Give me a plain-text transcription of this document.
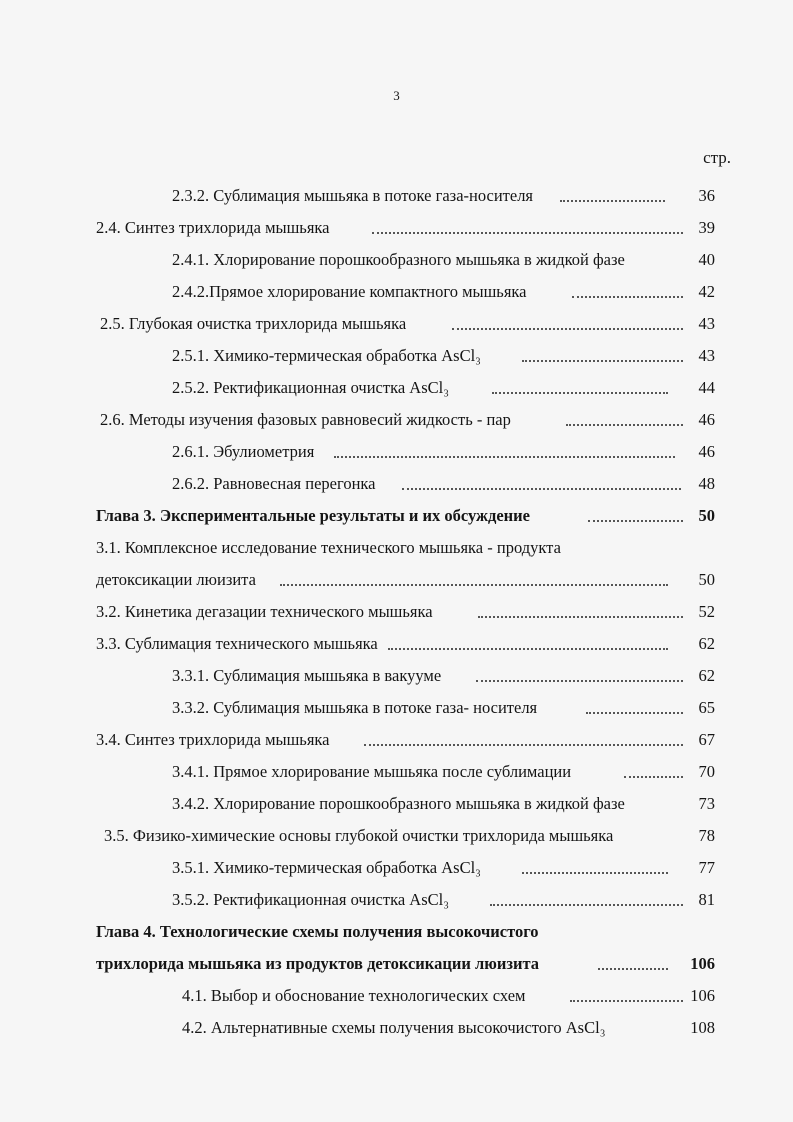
3
стр.
2.3.2. Сублимация мышьяка в потоке газа-носителя	36
2.4. Синтез трихлорида мышьяка	39
2.4.1. Хлорирование порошкообразного мышьяка в жидкой фазе	40
2.4.2.Прямое хлорирование компактного мышьяка	42
2.5. Глубокая очистка трихлорида мышьяка	43
2.5.1. Химико-термическая обработка AsCl₃	43
2.5.2. Ректификационная очистка AsCl₃	44
2.6. Методы изучения фазовых равновесий жидкость - пар	46
2.6.1. Эбулиометрия	46
2.6.2. Равновесная перегонка	48
Глава 3. Экспериментальные результаты и их обсуждение	50
3.1. Комплексное исследование технического мышьяка - продукта
детоксикации люизита	50
3.2. Кинетика дегазации технического мышьяка	52
3.3. Сублимация технического мышьяка	62
3.3.1. Сублимация мышьяка в вакууме	62
3.3.2. Сублимация мышьяка в потоке газа- носителя	65
3.4. Синтез трихлорида мышьяка	67
3.4.1. Прямое хлорирование мышьяка после сублимации	70
3.4.2. Хлорирование порошкообразного мышьяка в жидкой фазе	73
3.5. Физико-химические основы глубокой очистки трихлорида мышьяка	78
3.5.1. Химико-термическая обработка AsCl₃	77
3.5.2. Ректификационная очистка AsCl₃	81
Глава 4. Технологические схемы получения высокочистого
трихлорида мышьяка из продуктов детоксикации люизита	106
4.1. Выбор и обоснование технологических схем	106
4.2. Альтернативные схемы получения высокочистого AsCl₃	108
